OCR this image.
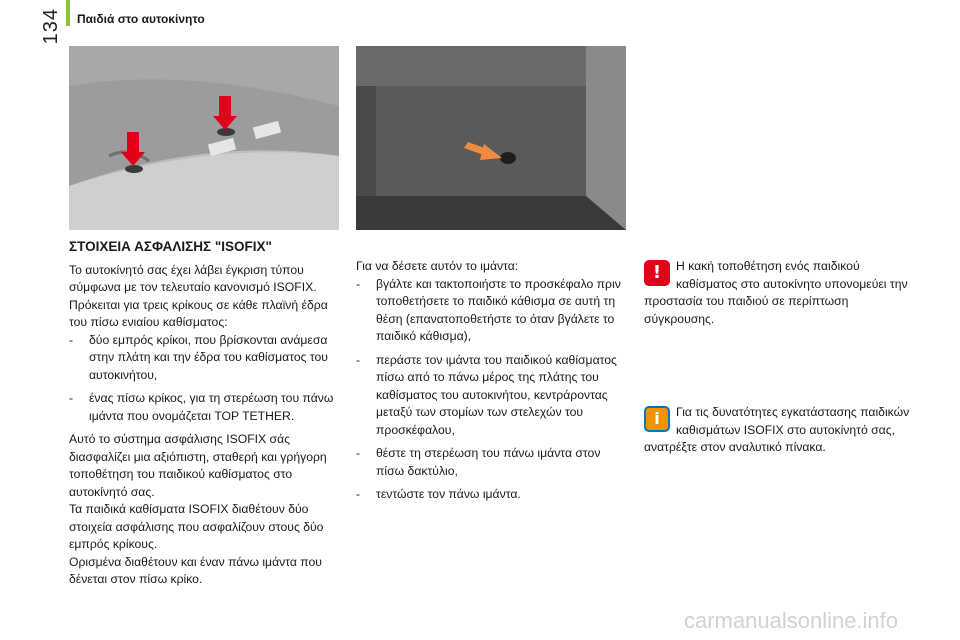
Παιδιά στο αυτοκίνητο
134
ΣΤΟΙΧΕΙΑ ΑΣΦΑΛΙΣΗΣ "ISOFIX"

Το αυτοκίνητό σας έχει λάβει έγκριση τύπου σύμφωνα με τον τελευταίο κανονισμό ISOFIX. Πρόκειται για τρεις κρίκους σε κάθε πλαϊνή έδρα του πίσω ενιαίου καθίσματος:

- δύο εμπρός κρίκοι, που βρίσκονται ανάμεσα στην πλάτη και την έδρα του καθίσματος του αυτοκινήτου,
- ένας πίσω κρίκος, για τη στερέωση του πάνω ιμάντα που ονομάζεται TOP TETHER.

Αυτό το σύστημα ασφάλισης ISOFIX σάς διασφαλίζει μια αξιόπιστη, σταθερή και γρήγορη τοποθέτηση του παιδικού καθίσματος στο αυτοκίνητό σας.

Τα παιδικά καθίσματα ISOFIX διαθέτουν δύο στοιχεία ασφάλισης που ασφαλίζουν στους δύο εμπρός κρίκους.

Ορισμένα διαθέτουν και έναν πάνω ιμάντα που δένεται στον πίσω κρίκο.

Για να δέσετε αυτόν το ιμάντα:

- βγάλτε και τακτοποιήστε το προσκέφαλο πριν τοποθετήσετε το παιδικό κάθισμα σε αυτή τη θέση (επανατοποθετήστε το όταν βγάλετε το παιδικό κάθισμα),
- περάστε τον ιμάντα του παιδικού καθίσματος πίσω από το πάνω μέρος της πλάτης του καθίσματος του αυτοκινήτου, κεντράροντας μεταξύ των στομίων των στελεχών του προσκέφαλου,
- θέστε τη στερέωση του πάνω ιμάντα στον πίσω δακτύλιο,
- τεντώστε τον πάνω ιμάντα.
!	Η κακή τοποθέτηση ενός παιδικού καθίσματος στο αυτοκίνητο υπονομεύει την προστασία του παιδιού σε περίπτωση σύγκρουσης.
i	Για τις δυνατότητες εγκατάστασης παιδικών καθισμάτων ISOFIX στο αυτοκίνητό σας, ανατρέξτε στον αναλυτικό πίνακα.
carmanualsonline.info
